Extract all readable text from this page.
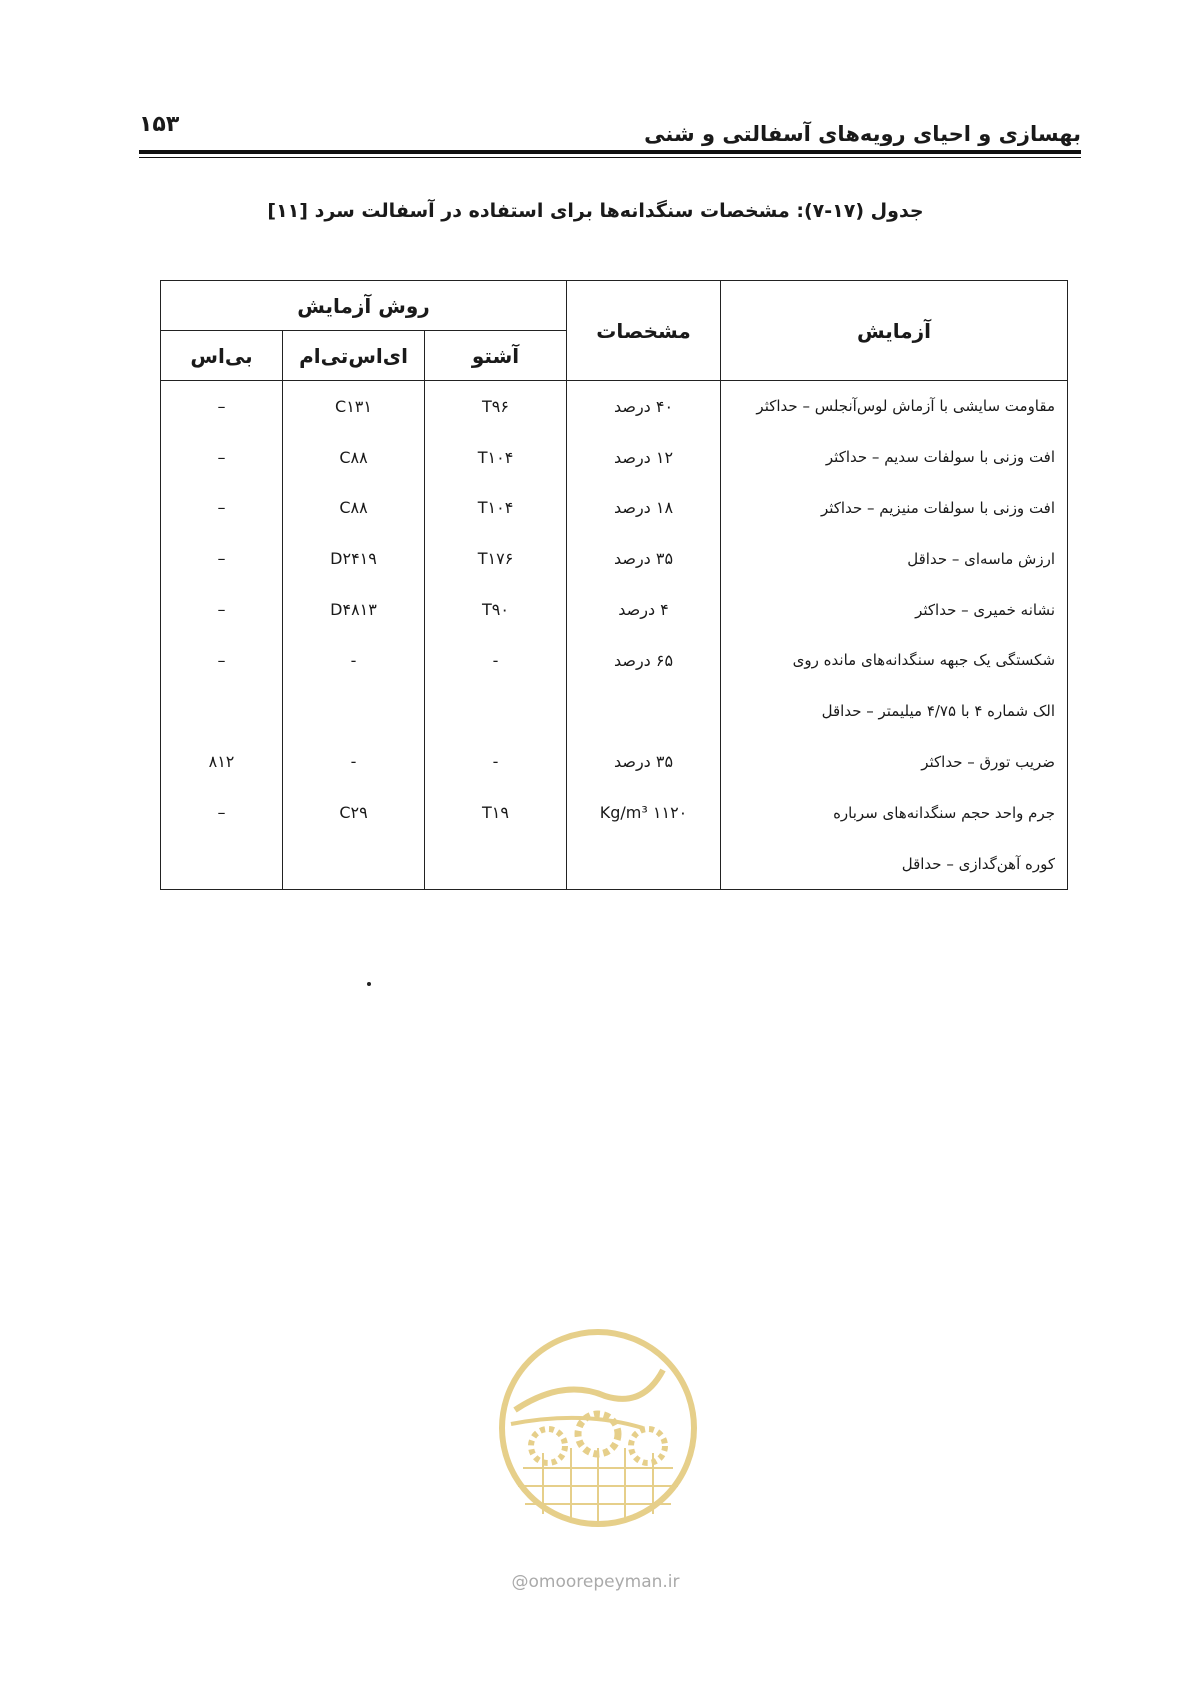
۱۵۳	بهسازی و احیای رویه‌های آسفالتی و شنی
جدول (۱۷-۷): مشخصات سنگدانه‌ها برای استفاده در آسفالت سرد [۱۱]
آزمایش	مشخصات	روش آزمایش		
		آشتو	ای‌اس‌تی‌ام	بی‌اس
مقاومت سایشی با آزماش لوس‌آنجلس – حداکثر	۴۰ درصد	T۹۶	C۱۳۱	–
افت وزنی با سولفات سدیم – حداکثر	۱۲ درصد	T۱۰۴	C۸۸	–
افت وزنی با سولفات منیزیم – حداکثر	۱۸ درصد	T۱۰۴	C۸۸	–
ارزش ماسه‌ای – حداقل	۳۵ درصد	T۱۷۶	D۲۴۱۹	–
نشانه خمیری – حداکثر	۴ درصد	T۹۰	D۴۸۱۳	–
شکستگی یک جبهه سنگدانه‌های مانده روی	۶۵ درصد	-	-	–
الک شماره ۴ با ۴/۷۵ میلیمتر – حداقل				
ضریب تورق – حداکثر	۳۵ درصد	-	-	۸۱۲
جرم واحد حجم سنگدانه‌های سرباره	۱۱۲۰ Kg/m³	T۱۹	C۲۹	–
کوره آهن‌گدازی – حداقل				
@omoorepeyman.ir
